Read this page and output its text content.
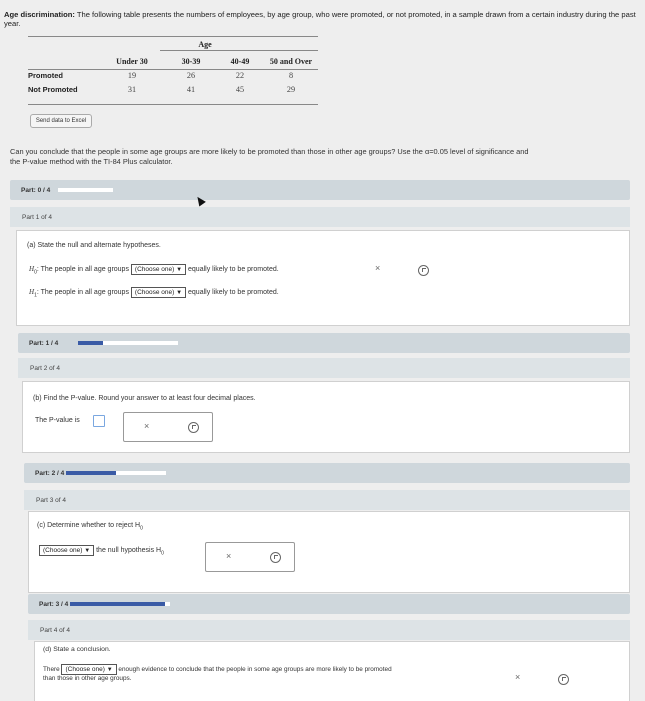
Age discrimination: The following table presents the numbers of employees, by age group, who were promoted, or not promoted, in a sample drawn from a certain industry during the past year.
Age
	Under 30	30-39	40-49	50 and Over
Promoted	19	26	22	8
Not Promoted	31	41	45	29
Send data to Excel
Can you conclude that the people in some age groups are more likely to be promoted than those in other age groups? Use the α=0.05 level of significance and
the P-value method with the TI-84 Plus calculator.
Part: 0 / 4
Part 1 of 4
(a) State the null and alternate hypotheses.
$H_0$: The people in all age groups (Choose one) ▼ equally likely to be promoted.
$H_1$: The people in all age groups (Choose one) ▼ equally likely to be promoted.
×
Part: 1 / 4
Part 2 of 4
(b) Find the P-value. Round your answer to at least four decimal places.
The P-value is
×
Part: 2 / 4
Part 3 of 4
(c) Determine whether to reject $H_0$
(Choose one) ▼ the null hypothesis $H_0$	×
Part: 3 / 4
Part 4 of 4
(d) State a conclusion.
There (Choose one) ▼ enough evidence to conclude that the people in some age groups are more likely to be promoted
than those in other age groups.	×
